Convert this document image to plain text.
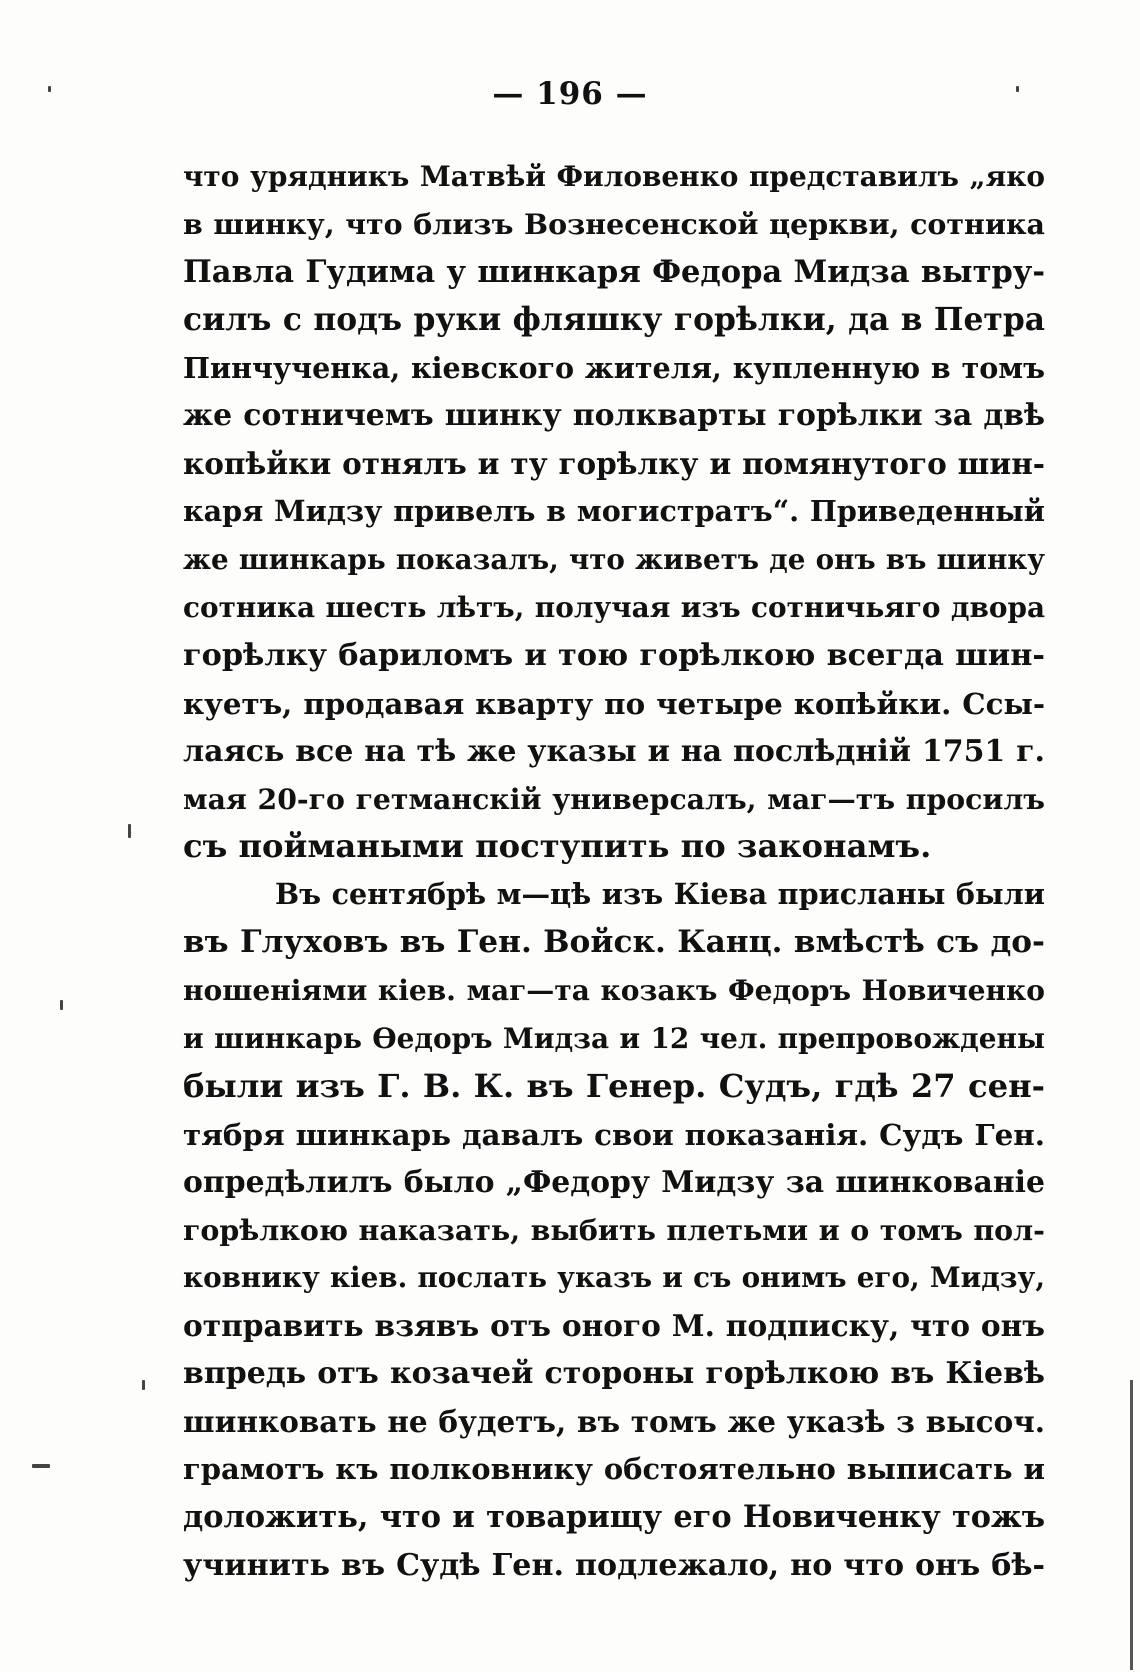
— 196 —
что урядникъ Матвѣй Филовенко представилъ „яко
в шинку, что близъ Вознесенской церкви, сотника
Павла Гудима у шинкаря Федора Мидза вытру-
силъ с подъ руки фляшку горѣлки, да в Петра
Пинчученка, кіевского жителя, купленную в томъ
же сотничемъ шинку полкварты горѣлки за двѣ
копѣйки отнялъ и ту горѣлку и помянутого шин-
каря Мидзу привелъ в могистратъ“. Приведенный
же шинкарь показалъ, что живетъ де онъ въ шинку
сотника шесть лѣтъ, получая изъ сотничьяго двора
горѣлку бариломъ и тою горѣлкою всегда шин-
куетъ, продавая кварту по четыре копѣйки. Ссы-
лаясь все на тѣ же указы и на послѣднiй 1751 г.
мая 20-го гетманскiй универсалъ, маг—тъ просилъ
съ поймаными поступить по законамъ.
Въ сентябрѣ м—цѣ изъ Кіева присланы были
въ Глуховъ въ Ген. Войск. Канц. вмѣстѣ съ до-
ношеніями кiев. маг—та козакъ Федоръ Новиченко
и шинкарь Ѳедоръ Мидза и 12 чел. препровождены
были изъ Г. В. К. въ Генер. Судъ, гдѣ 27 сен-
тября шинкарь давалъ свои показанія. Судъ Ген.
опредѣлилъ было „Федору Мидзу за шинкованіе
горѣлкою наказать, выбить плетьми и о томъ пол-
ковнику кiев. послать указъ и съ онимъ его, Мидзу,
отправить взявъ отъ оного М. подписку, что онъ
впредь отъ козачей стороны горѣлкою въ Кiевѣ
шинковать не будетъ, въ томъ же указѣ з высоч.
грамотъ къ полковнику обстоятельно выписать и
доложить, что и товарищу его Новиченку тожъ
учинить въ Судѣ Ген. подлежало, но что онъ бѣ-
